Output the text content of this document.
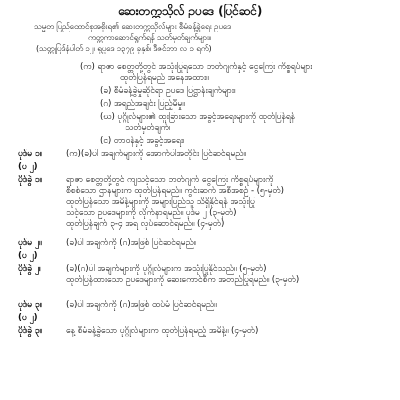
ဆေးတက္ကသိုလ် ဥပဒေ (ပြင်ဆင်)
သမ္မတ ပြည်ထောင်စုအစိုးရ၏ ဆေးတက္ကသိုလ်များ စီမံခန့်ခွဲရေး ဥပဒေ
ကတ္တကာဆောင်ရွက်ရန် သတ်မှတ်ချက်များ။
(သတ္တုပြဒ်နံပါတ် ၁၂၊ ရုပ္ပဒေ ၁၃၇၉ ခုနှစ်၊ ဒီဇင်ဘာ လ ၁ ရက်)
(က) ရာဇာ စေတ္တတို့တွင် အသုံးပြုရသော ဘတ်ဂျက်နှင့် ငွေကြေး ကိစ္စရပ်များ
ထုတ်ပြန်ရမည် အနေအထား။
(ခ) စီမံခန့်ခွဲမှုဆိုင်ရာ ဥပဒေ ပြဋ္ဌာန်းချက်များ။
(ဂ) အရည်အချင်း ပြည့်မီမှု။
(ဃ) ပုဂ္ဂိုလ်များ၏ ထူးခြားသော အခွင့်အရေးများကို ထုတ်ပြန်ရန်
သတ်မှတ်ချက်။
(င) တာဝန်နှင့် အခွင့်အရေး။
ပုဒ်မ ၁။	(က)(ခ)ပါ အချက်များကို အောက်ပါအတိုင်း ပြင်ဆင်ရမည်။
(ပ ၂)
ပိုဒ်ခွဲ ၁။	ရာဇာ စေတ္တတို့တွင် ကျသင့်သော ဘတ်ဂျက် ငွေကြေး ကိစ္စရပ်များကို
စီစစ်သော ဌာနများက ထုတ်ပြန်ရမည်။ ကွင်းဆက် အစီအစဉ် - (၅-မှတ်)
ထုတ်ပြန်သော အမိန့်များကို အများပြည်သူ သိရှိနိုင်ရန် အသုံးပြု
သင့်သော ဥပဒေများကို လိုက်နာရမည်။ ပုဒ်မ ၂ (၃-မှတ်)
ထုတ်ပြန်ချက် ၃-၄ အရ လုပ်ဆောင်ရမည်။ (၄-မှတ်)
ပုဒ်မ ၂။	(ခ)ပါ အချက်ကို (ဂ)အဖြစ် ပြင်ဆင်ရမည်။
(ပ ၂)
ပိုဒ်ခွဲ ၂။	(ခ)(ဂ)ပါ အချက်များကို ပုဂ္ဂိုလ်များက အသုံးပြုနိုင်သည်။ (၅-မှတ်)
ထုတ်ပြန်ထားသော ဥပဒေများကို ဆေးကောင်စီက အတည်ပြုရမည်။ (၃-မှတ်)
ပုဒ်မ ၃။	(ခ)ပါ အချက်ကို (ဂ)အဖြစ် ထပ်မံ ပြင်ဆင်ရမည်။
(ပ ၂)
ပိုဒ်ခွဲ ၃။	နေ့ စီမံခန့်ခွဲသော ပုဂ္ဂိုလ်များက ထုတ်ပြန်ရမည့် အမိန့်။ (၄-မှတ်)
